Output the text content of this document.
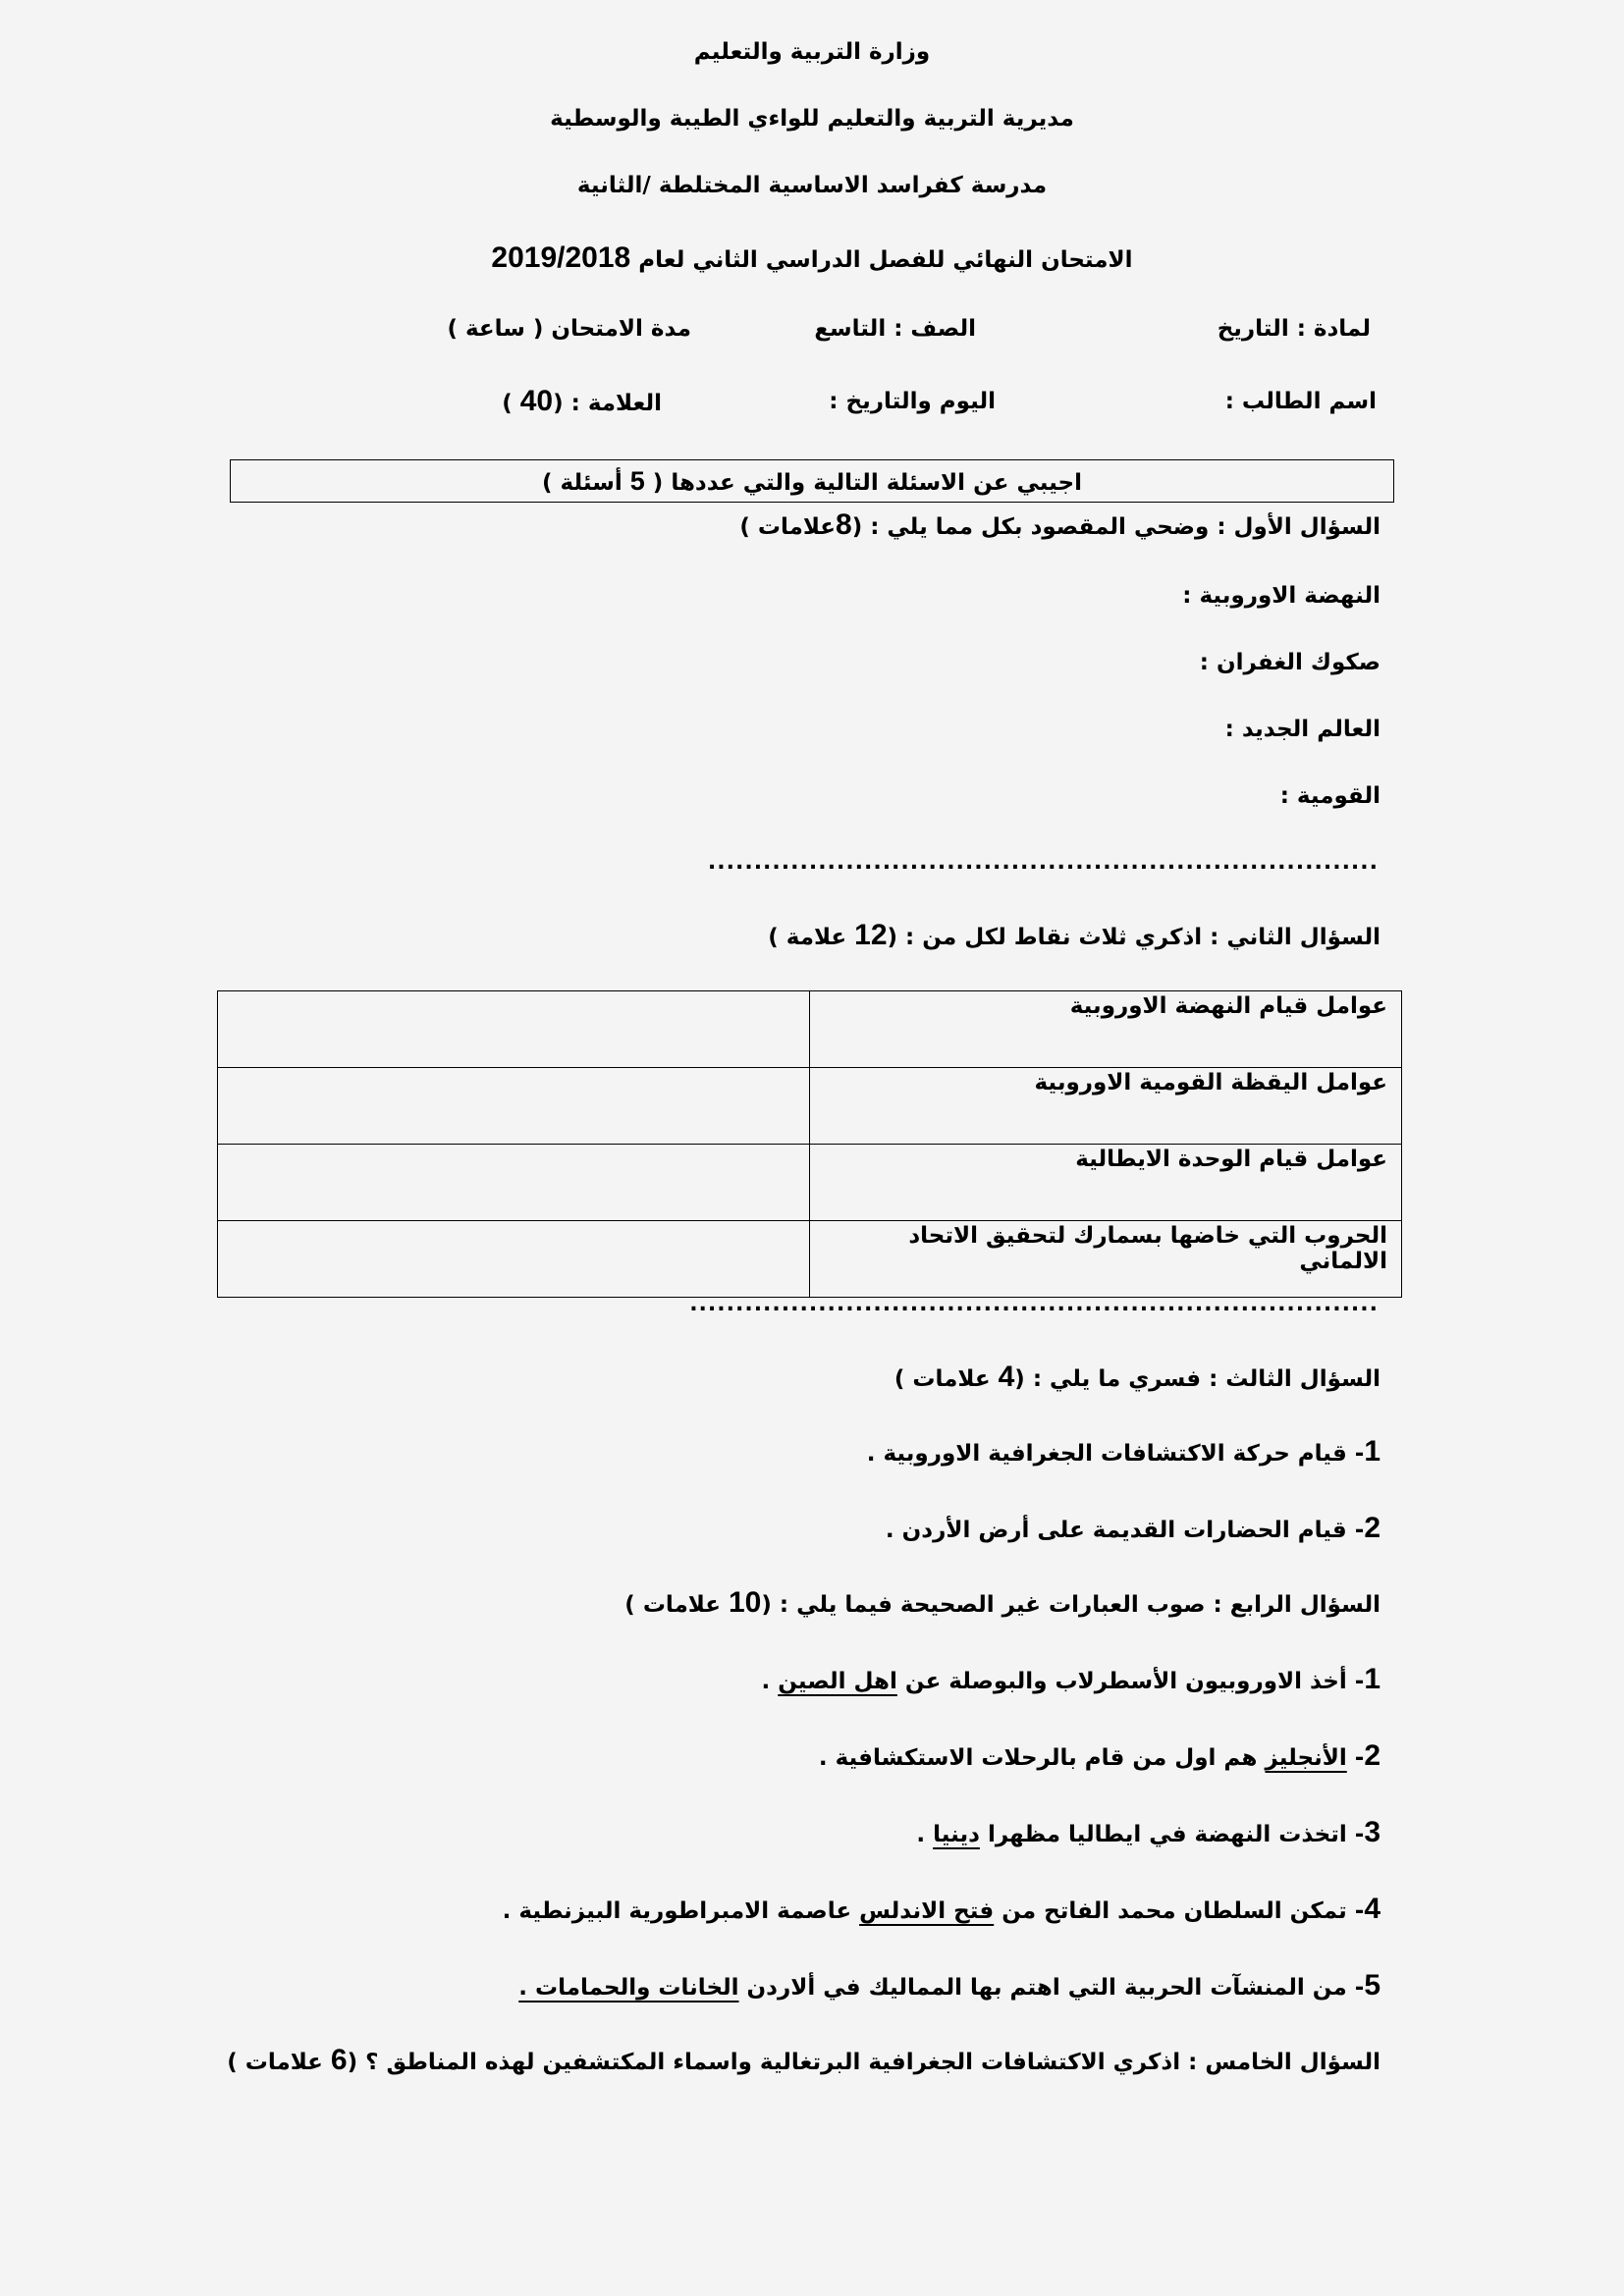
وزارة التربية والتعليم
مديرية التربية والتعليم للواءي الطيبة والوسطية
مدرسة كفراسد الاساسية المختلطة /الثانية
الامتحان النهائي للفصل الدراسي الثاني لعام 2019/2018
لمادة : التاريخ
الصف : التاسع
مدة الامتحان ( ساعة )
اسم الطالب :
اليوم والتاريخ :
العلامة : (40 )
اجيبي عن الاسئلة التالية والتي عددها ( 5 أسئلة )
السؤال الأول : وضحي المقصود بكل مما يلي : (8علامات )
النهضة الاوروبية :
صكوك الغفران :
العالم الجديد :
القومية :
.........................................................................
السؤال الثاني : اذكري ثلاث نقاط لكل من : (12 علامة )
عوامل قيام النهضة الاوروبية	
عوامل اليقظة القومية الاوروبية	
عوامل قيام الوحدة الايطالية	
الحروب التي خاضها بسمارك لتحقيق الاتحاد الالماني	
...........................................................................
السؤال الثالث : فسري ما يلي : (4 علامات )
1- قيام حركة الاكتشافات الجغرافية الاوروبية .
2- قيام الحضارات القديمة على أرض الأردن .
السؤال الرابع : صوب العبارات غير الصحيحة فيما يلي : (10 علامات )
1- أخذ الاوروبيون الأسطرلاب والبوصلة عن اهل الصين .
2- الأنجليز هم اول من قام بالرحلات الاستكشافية .
3- اتخذت النهضة في ايطاليا مظهرا دينيا .
4- تمكن السلطان محمد الفاتح من فتح الاندلس عاصمة الامبراطورية البيزنطية .
5- من المنشآت الحربية التي اهتم بها المماليك في ألاردن الخانات والحمامات .
السؤال الخامس : اذكري الاكتشافات الجغرافية البرتغالية واسماء المكتشفين لهذه المناطق ؟ (6 علامات )
